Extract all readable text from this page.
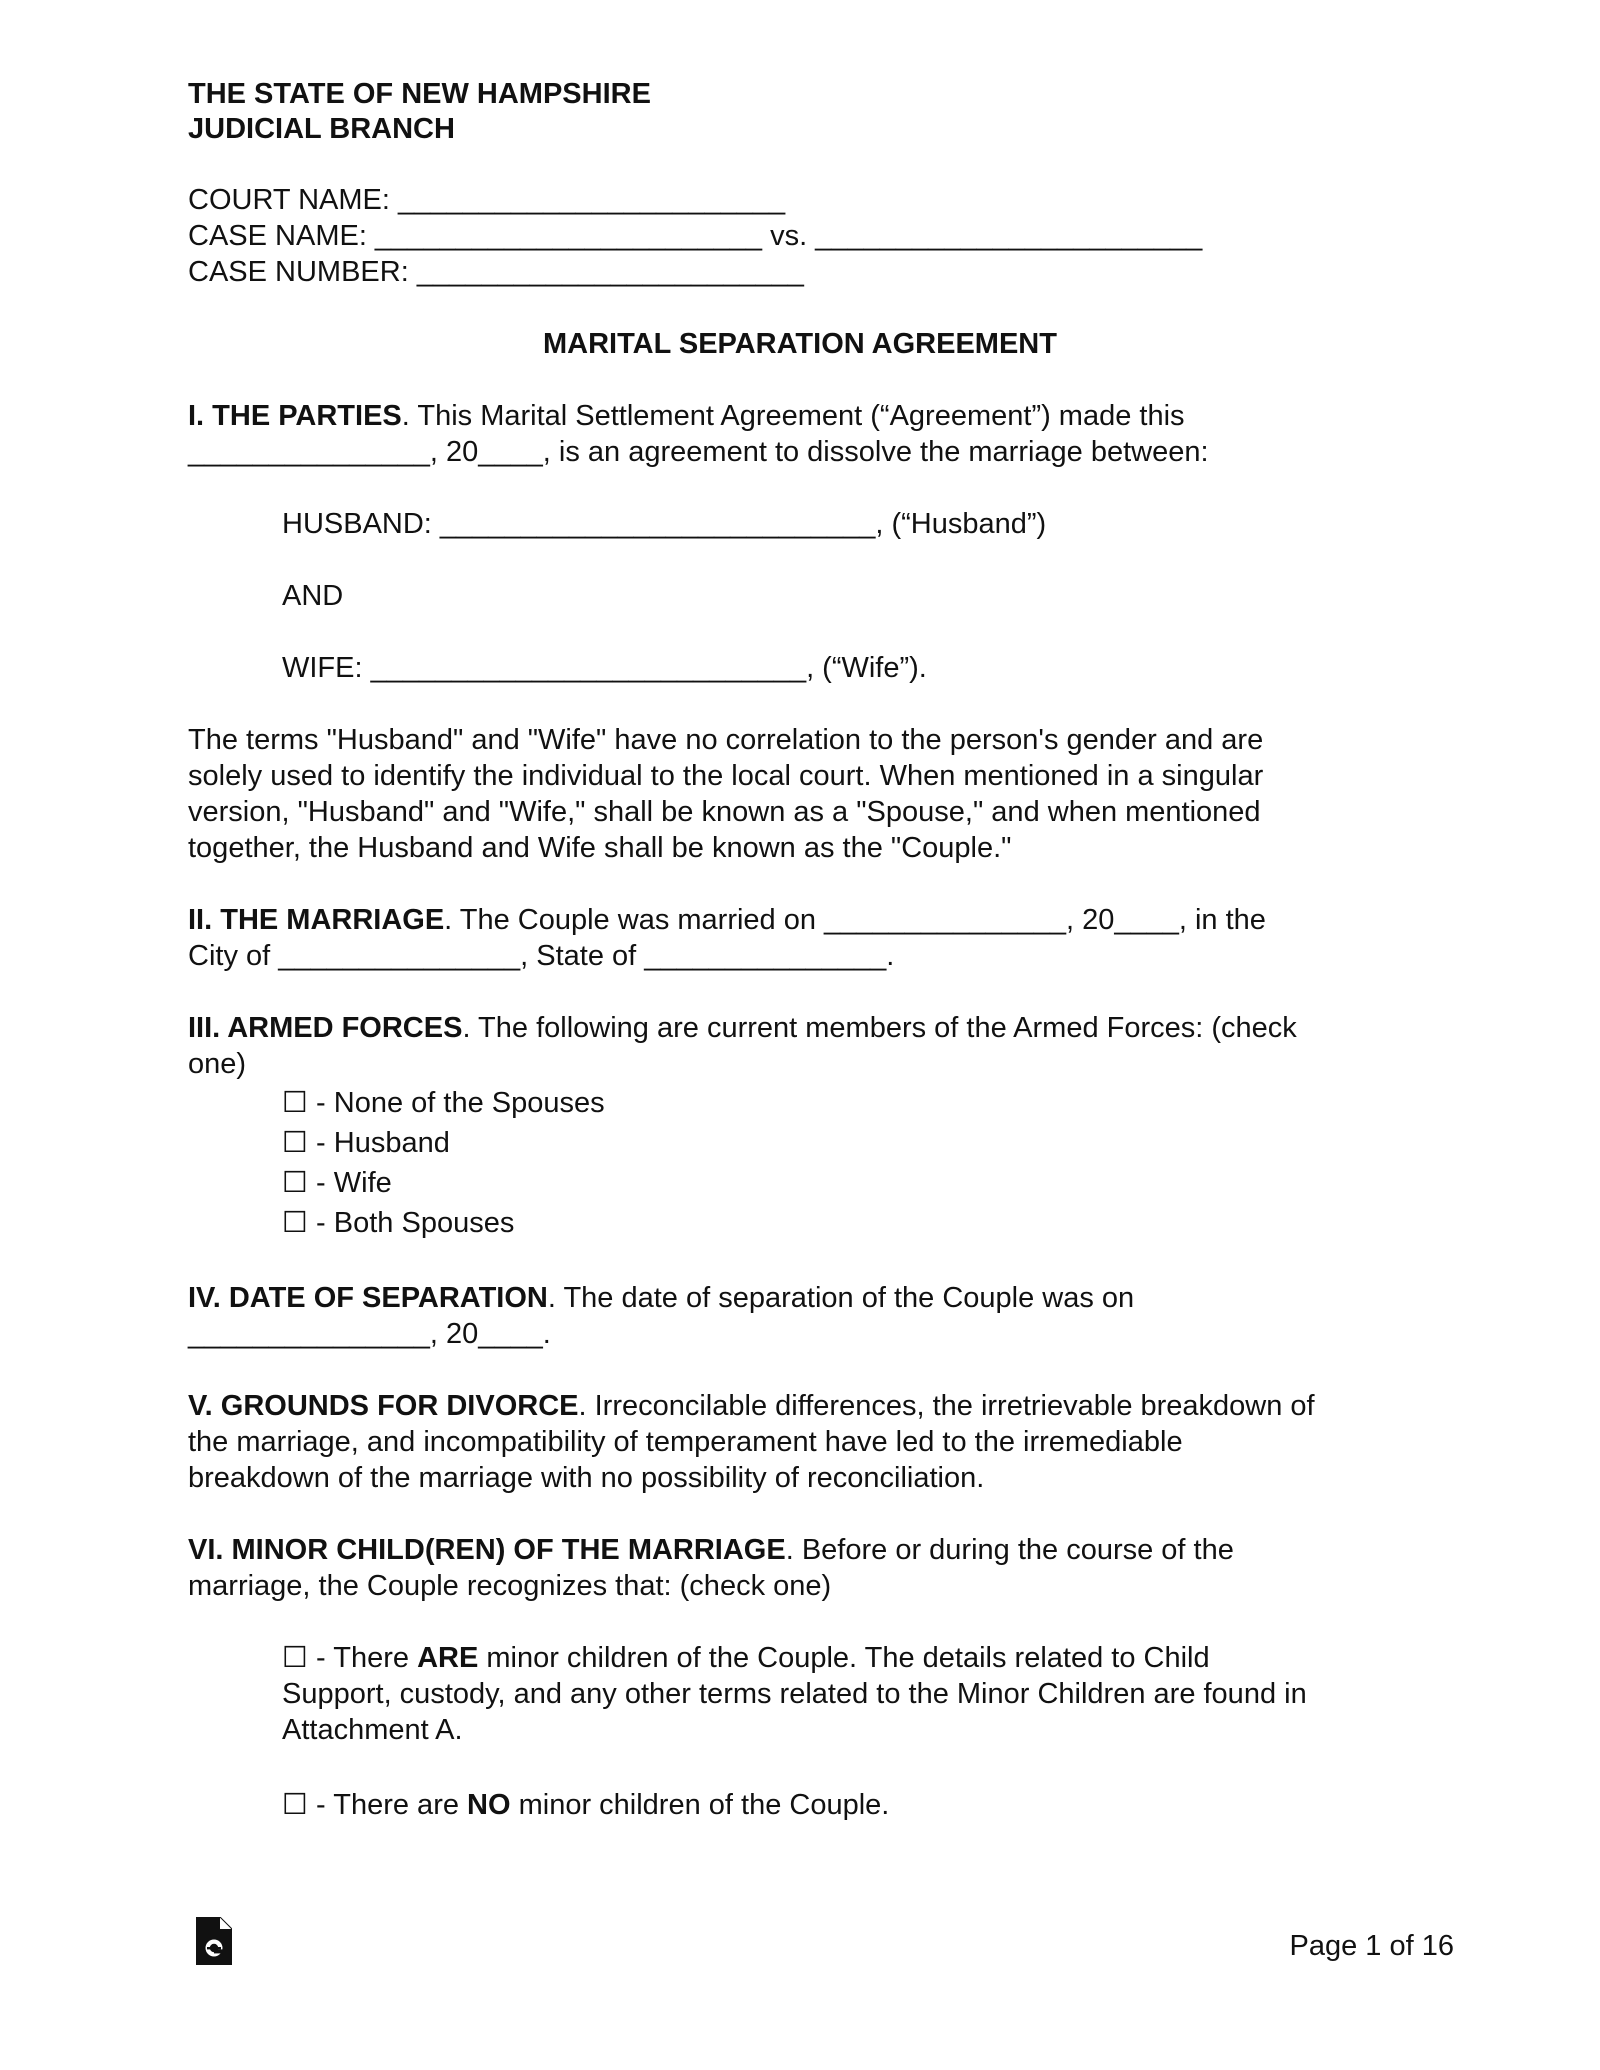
THE STATE OF NEW HAMPSHIRE
JUDICIAL BRANCH
COURT NAME: ________________________
CASE NAME: ________________________ vs. ________________________
CASE NUMBER: ________________________
MARITAL SEPARATION AGREEMENT
I. THE PARTIES. This Marital Settlement Agreement (“Agreement”) made this
_______________, 20____, is an agreement to dissolve the marriage between:
HUSBAND: ___________________________, (“Husband”)
AND
WIFE: ___________________________, (“Wife”).
The terms "Husband" and "Wife" have no correlation to the person's gender and are
solely used to identify the individual to the local court. When mentioned in a singular
version, "Husband" and "Wife," shall be known as a "Spouse," and when mentioned
together, the Husband and Wife shall be known as the "Couple."
II. THE MARRIAGE. The Couple was married on _______________, 20____, in the
City of _______________, State of _______________.
III. ARMED FORCES. The following are current members of the Armed Forces: (check
one)
☐ - None of the Spouses
☐ - Husband
☐ - Wife
☐ - Both Spouses
IV. DATE OF SEPARATION. The date of separation of the Couple was on
_______________, 20____.
V. GROUNDS FOR DIVORCE. Irreconcilable differences, the irretrievable breakdown of
the marriage, and incompatibility of temperament have led to the irremediable
breakdown of the marriage with no possibility of reconciliation.
VI. MINOR CHILD(REN) OF THE MARRIAGE. Before or during the course of the
marriage, the Couple recognizes that: (check one)
☐ - There ARE minor children of the Couple. The details related to Child
Support, custody, and any other terms related to the Minor Children are found in
Attachment A.
☐ - There are NO minor children of the Couple.
Page 1 of 16
